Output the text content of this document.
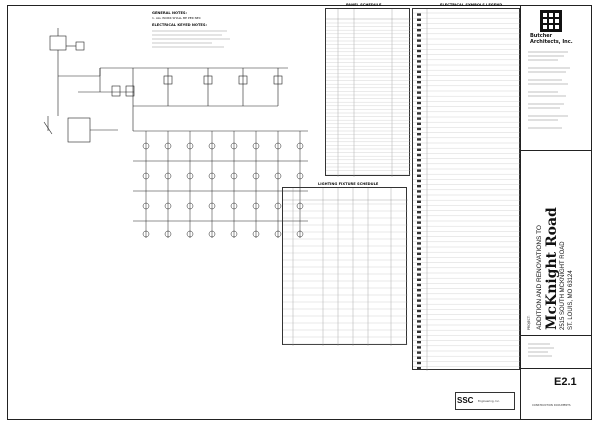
GENERAL NOTES:
1. ALL WORK SHALL BE PER NEC
ELECTRICAL KEYED NOTES:
PANEL SCHEDULE	ELECTRICAL SYMBOLS LEGEND
LIGHTING FIXTURE SCHEDULE
SSC Engineering, Inc.
Butcher
Architects, Inc.
PROJECT: ADDITION AND RENOVATIONS TO McKnight Road 2515 SOUTH MCKNIGHT ROAD ST. LOUIS, MO 63124
E2.1
CONSTRUCTION DOCUMENTS
